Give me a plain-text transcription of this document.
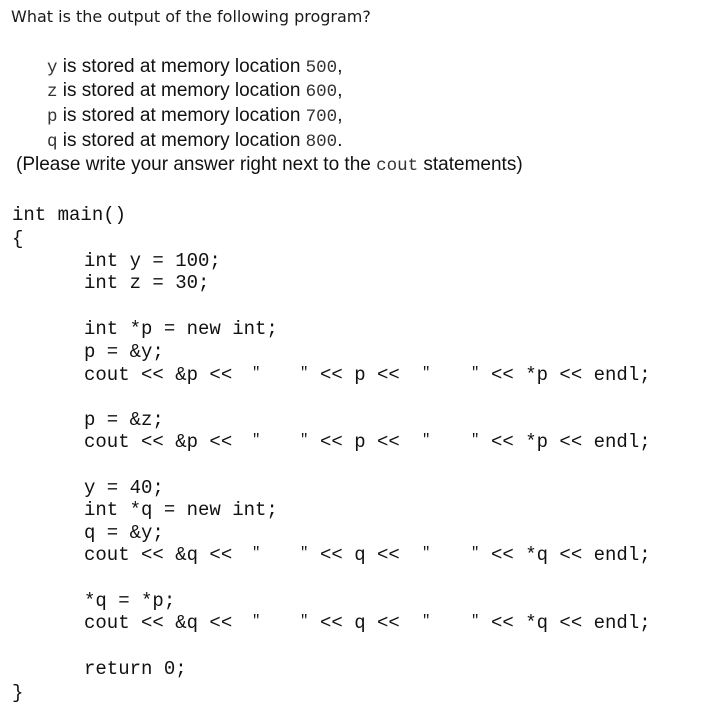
What is the output of the following program?
y is stored at memory location 500,
z is stored at memory location 600,
p is stored at memory location 700,
q is stored at memory location 800.
(Please write your answer right next to the cout statements)
int main()
{
int y = 100;
int z = 30;
int *p = new int;
p = &y;
cout << &p << "	" << p << "	" << *p << endl;
p = &z;
cout << &p << "	" << p << "	" << *p << endl;
y = 40;
int *q = new int;
q = &y;
cout << &q << "	" << q << "	" << *q << endl;
*q = *p;
cout << &q << "	" << q << "	" << *q << endl;
return 0;
}
